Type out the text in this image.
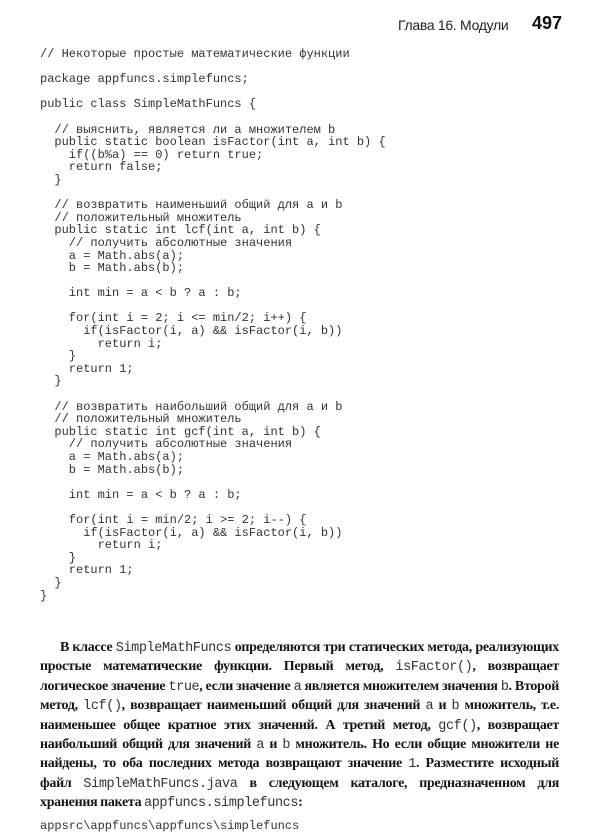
Глава 16. Модули 497
// Некоторые простые математические функции
package appfuncs.simplefuncs;
public class SimpleMathFuncs {
// выяснить, является ли a множителем b
public static boolean isFactor(int a, int b) {
if((b%a) == 0) return true;
return false;
}
// возвратить наименьший общий для a и b
// положительный множитель
public static int lcf(int a, int b) {
// получить абсолютные значения
a = Math.abs(a);
b = Math.abs(b);
int min = a < b ? a : b;
for(int i = 2; i <= min/2; i++) {
if(isFactor(i, a) && isFactor(i, b))
return i;
}
return 1;
}
// возвратить наибольший общий для a и b
// положительный множитель
public static int gcf(int a, int b) {
// получить абсолютные значения
a = Math.abs(a);
b = Math.abs(b);
int min = a < b ? a : b;
for(int i = min/2; i >= 2; i--) {
if(isFactor(i, a) && isFactor(i, b))
return i;
}
return 1;
}
}

В классе SimpleMathFuncs определяются три статических метода, реализующих простые математические функции. Первый метод, isFactor(), возвращает логическое значение true, если значение a является множителем значения b. Второй метод, lcf(), возвращает наименьший общий для значений a и b множитель, т.е. наименьшее общее кратное этих значений. А третий метод, gcf(), возвращает наибольший общий для значений a и b множитель. Но если общие множители не найдены, то оба последних метода возвращают значение 1. Разместите исходный файл SimpleMathFuncs.java в следующем каталоге, предназначенном для хранения пакета appfuncs.simplefuncs:

appsrc\appfuncs\appfuncs\simplefuncs
